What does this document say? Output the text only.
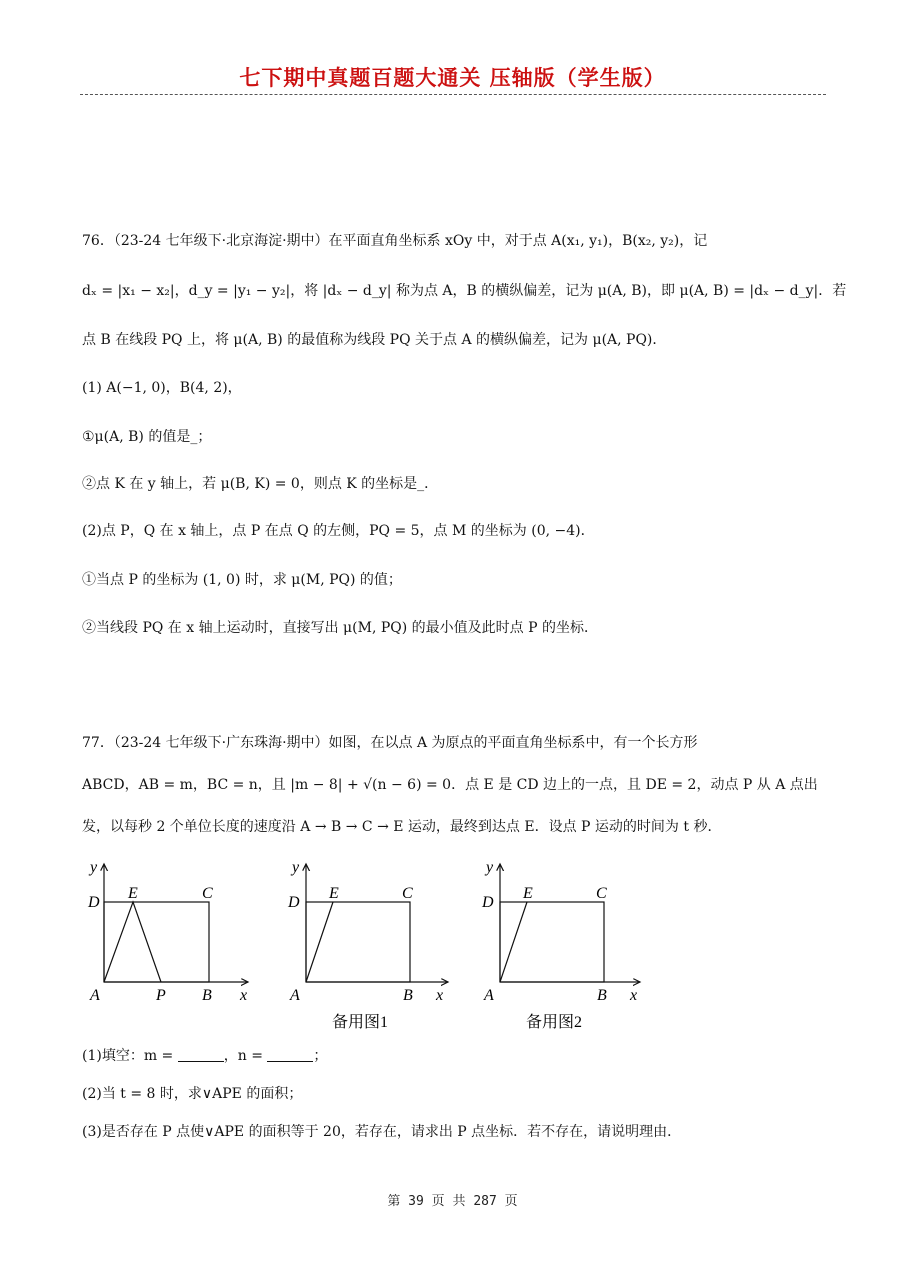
七下期中真题百题大通关 压轴版（学生版）
76．（23-24 七年级下·北京海淀·期中）在平面直角坐标系 xOy 中，对于点 A(x₁, y₁)，B(x₂, y₂)，记
dₓ = |x₁ − x₂|，d_y = |y₁ − y₂|，将 |dₓ − d_y| 称为点 A，B 的横纵偏差，记为 μ(A, B)，即 μ(A, B) = |dₓ − d_y|．若
点 B 在线段 PQ 上，将 μ(A, B) 的最值称为线段 PQ 关于点 A 的横纵偏差，记为 μ(A, PQ)．
(1) A(−1, 0)，B(4, 2)，
①μ(A, B) 的值是_；
②点 K 在 y 轴上，若 μ(B, K) = 0，则点 K 的坐标是_．
(2)点 P，Q 在 x 轴上，点 P 在点 Q 的左侧，PQ = 5，点 M 的坐标为 (0, −4)．
①当点 P 的坐标为 (1, 0) 时，求 μ(M, PQ) 的值；
②当线段 PQ 在 x 轴上运动时，直接写出 μ(M, PQ) 的最小值及此时点 P 的坐标．
77．（23-24 七年级下·广东珠海·期中）如图，在以点 A 为原点的平面直角坐标系中，有一个长方形
ABCD，AB = m，BC = n，且 |m − 8| + √(n − 6) = 0．点 E 是 CD 边上的一点，且 DE = 2，动点 P 从 A 点出
发，以每秒 2 个单位长度的速度沿 A → B → C → E 运动，最终到达点 E．设点 P 运动的时间为 t 秒．
y
x
D
E	C
A	P B
y
x
D
E	C
A	B
备用图1
y
x
D
E	C
A	B
备用图2
(1)填空：m =	，n =	；
(2)当 t = 8 时，求∨APE 的面积；
(3)是否存在 P 点使∨APE 的面积等于 20，若存在，请求出 P 点坐标．若不存在，请说明理由．
第 39 页 共 287 页
